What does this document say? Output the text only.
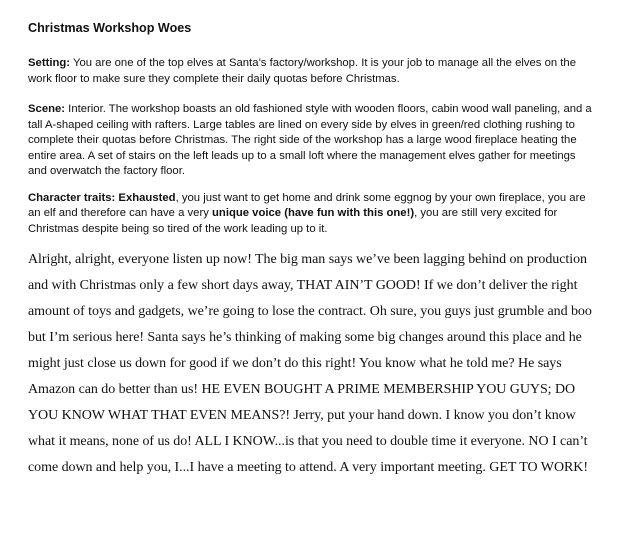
Christmas Workshop Woes

Setting: You are one of the top elves at Santa’s factory/workshop. It is your job to manage all the elves on the work floor to make sure they complete their daily quotas before Christmas.

Scene: Interior. The workshop boasts an old fashioned style with wooden floors, cabin wood wall paneling, and a tall A-shaped ceiling with rafters. Large tables are lined on every side by elves in green/red clothing rushing to complete their quotas before Christmas. The right side of the workshop has a large wood fireplace heating the entire area. A set of stairs on the left leads up to a small loft where the management elves gather for meetings and overwatch the factory floor.

Character traits: Exhausted, you just want to get home and drink some eggnog by your own fireplace, you are an elf and therefore can have a very unique voice (have fun with this one!), you are still very excited for Christmas despite being so tired of the work leading up to it.

Alright, alright, everyone listen up now! The big man says we’ve been lagging behind on production and with Christmas only a few short days away, THAT AIN’T GOOD! If we don’t deliver the right amount of toys and gadgets, we’re going to lose the contract. Oh sure, you guys just grumble and boo but I’m serious here! Santa says he’s thinking of making some big changes around this place and he might just close us down for good if we don’t do this right! You know what he told me? He says Amazon can do better than us! HE EVEN BOUGHT A PRIME MEMBERSHIP YOU GUYS; DO YOU KNOW WHAT THAT EVEN MEANS?! Jerry, put your hand down. I know you don’t know what it means, none of us do! ALL I KNOW...is that you need to double time it everyone. NO I can’t come down and help you, I...I have a meeting to attend. A very important meeting. GET TO WORK!
